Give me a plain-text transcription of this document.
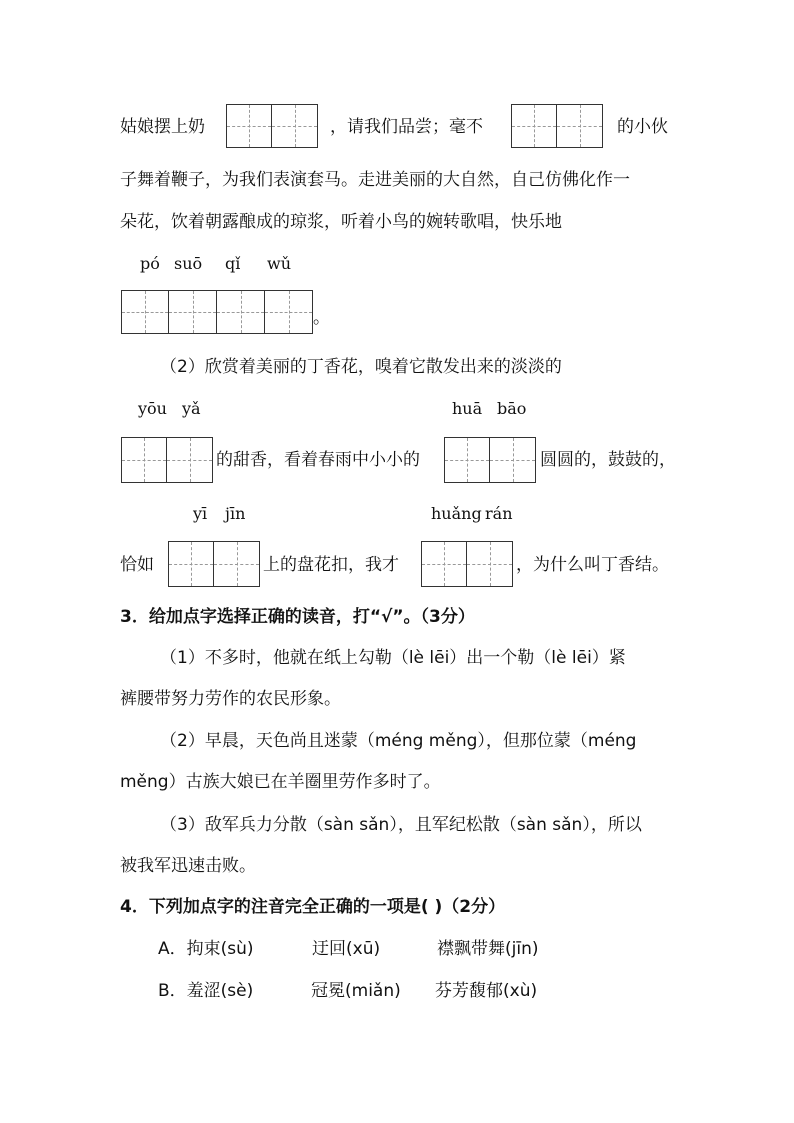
姑娘摆上奶	，请我们品尝；毫不	的小伙
子舞着鞭子，为我们表演套马。走进美丽的大自然，自己仿佛化作一
朵花，饮着朝露酿成的琼浆，听着小鸟的婉转歌唱，快乐地
pó suō qǐ wǔ
。
（2）欣赏着美丽的丁香花，嗅着它散发出来的淡淡的
yōu yǎ	huā bāo
的甜香，看着春雨中小小的	圆圆的，鼓鼓的，
yī jīn	huǎng rán
恰如	上的盘花扣，我才	，为什么叫丁香结。
3．给加点字选择正确的读音，打“√”。（3分）
（1）不多时，他就在纸上勾勒（lè lēi）出一个勒（lè lēi）紧
裤腰带努力劳作的农民形象。
（2）早晨，天色尚且迷蒙（méng měng），但那位蒙（méng
měng）古族大娘已在羊圈里劳作多时了。
（3）敌军兵力分散（sàn sǎn），且军纪松散（sàn sǎn），所以
被我军迅速击败。
4．下列加点字的注音完全正确的一项是( )（2分）
A．拘束(sù)	迂回(xū)	襟飘带舞(jīn)
B．羞涩(sè)	冠冕(miǎn) 芬芳馥郁(xù)
